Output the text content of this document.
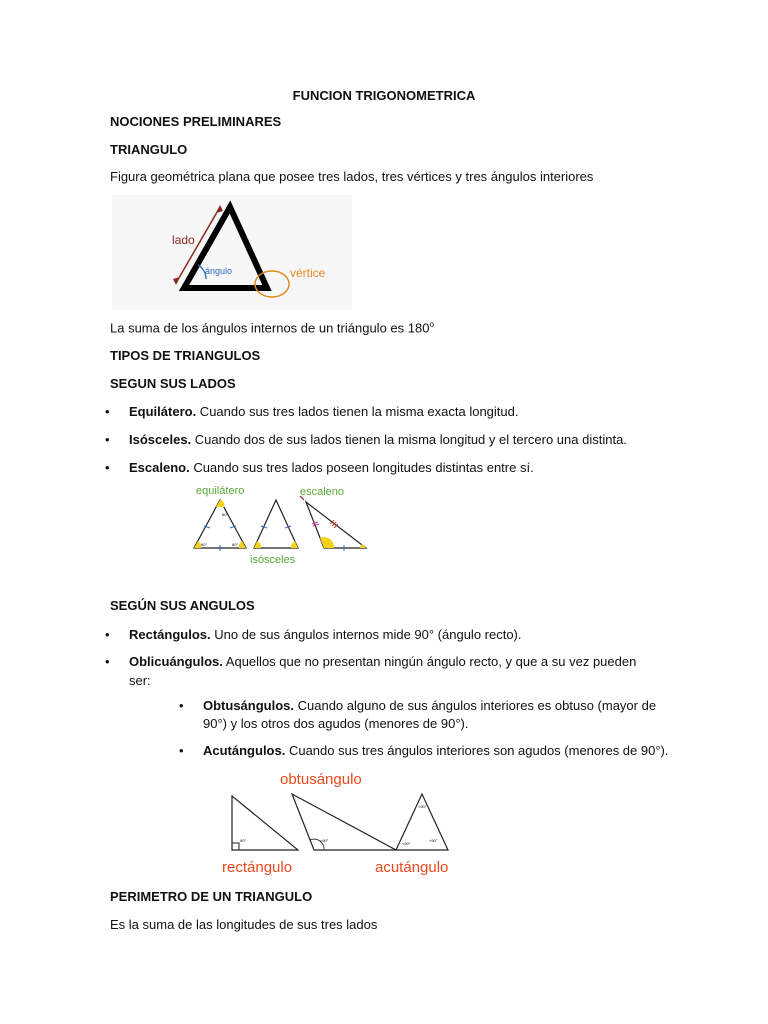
FUNCION TRIGONOMETRICA
NOCIONES PRELIMINARES
TRIANGULO
Figura geométrica plana que posee tres lados, tres vértices y tres ángulos interiores
lado
ángulo	vértice
La suma de los ángulos internos de un triángulo es 180$^o$
TIPOS DE TRIANGULOS
SEGUN SUS LADOS
• Equilátero. Cuando sus tres lados tienen la misma exacta longitud.
• Isósceles. Cuando dos de sus lados tienen la misma longitud y el tercero una distinta.
• Escaleno. Cuando sus tres lados poseen longitudes distintas entre sí.
equilátero	escaleno
isósceles
60°
60°	60°
SEGÚN SUS ANGULOS
• Rectángulos. Uno de sus ángulos internos mide 90° (ángulo recto).
• Oblicuángulos. Aquellos que no presentan ningún ángulo recto, y que a su vez pueden ser:
• Obtusángulos. Cuando alguno de sus ángulos interiores es obtuso (mayor de 90°) y los otros dos agudos (menores de 90°).
• Acutángulos. Cuando sus tres ángulos interiores son agudos (menores de 90°).
obtusángulo
rectángulo	acutángulo
90°	>90°
<90°
<90°
<90°
PERIMETRO DE UN TRIANGULO
Es la suma de las longitudes de sus tres lados
